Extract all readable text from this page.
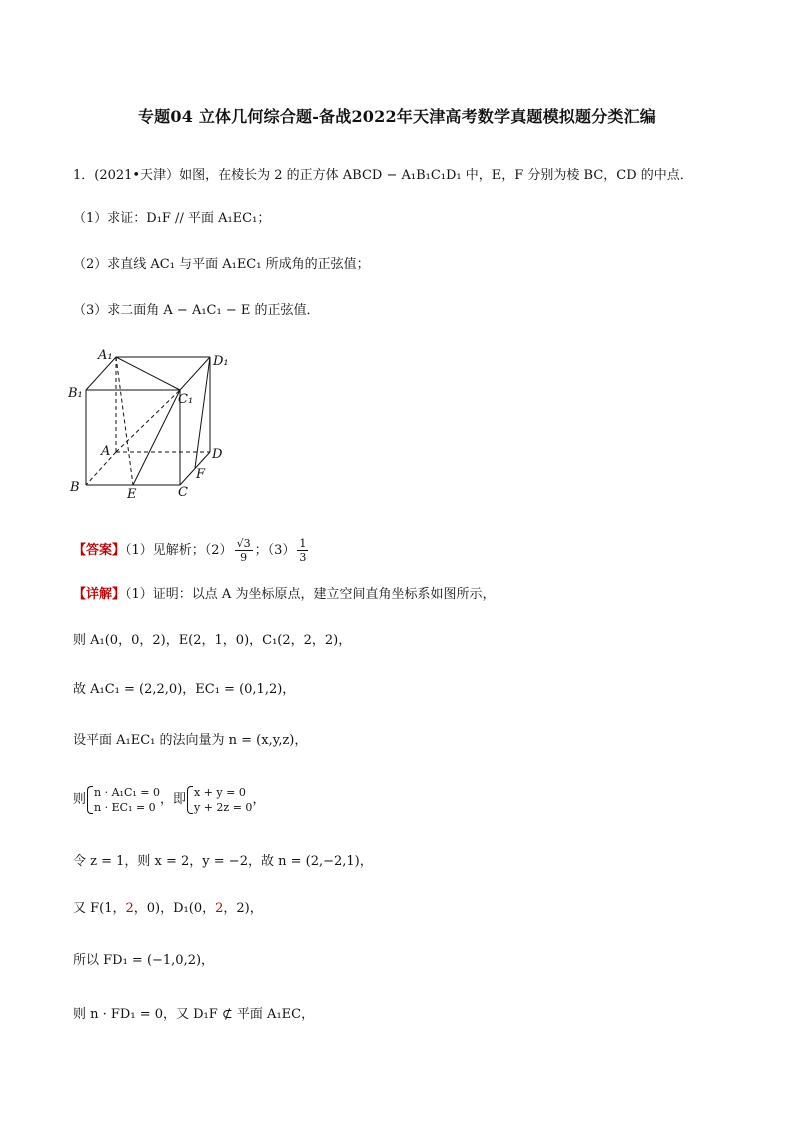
专题04 立体几何综合题-备战2022年天津高考数学真题模拟题分类汇编
1．(2021•天津）如图，在棱长为 2 的正方体 ABCD − A₁B₁C₁D₁ 中，E，F 分别为棱 BC，CD 的中点．
（1）求证：D₁F // 平面 A₁EC₁；
（2）求直线 AC₁ 与平面 A₁EC₁ 所成角的正弦值；
（3）求二面角 A − A₁C₁ − E 的正弦值．
A₁	D₁
B₁	C₁
A	D
B	C
E
F
【答案】（1）见解析；$(2) \frac{√3}{9}$ ；$(3) \frac{1}{3}$
【详解】（1）证明：以点 A 为坐标原点，建立空间直角坐标系如图所示，
则 A₁(0，0，2)，E(2，1，0)，C₁(2，2，2)，
故 A₁C₁ = (2,2,0)，EC₁ = (0,1,2)，
设平面 A₁EC₁ 的法向量为 n = (x,y,z)，
则 n · A₁C₁ = 0
n · EC₁ = 0 ，即 x + y = 0
y + 2z = 0 ，
令 z = 1，则 x = 2，y = −2，故 n = (2,−2,1)，
又 F(1，2，0)，D₁(0，2，2)，
所以 FD₁ = (−1,0,2)，
则 n · FD₁ = 0，又 D₁F ⊄ 平面 A₁EC，
